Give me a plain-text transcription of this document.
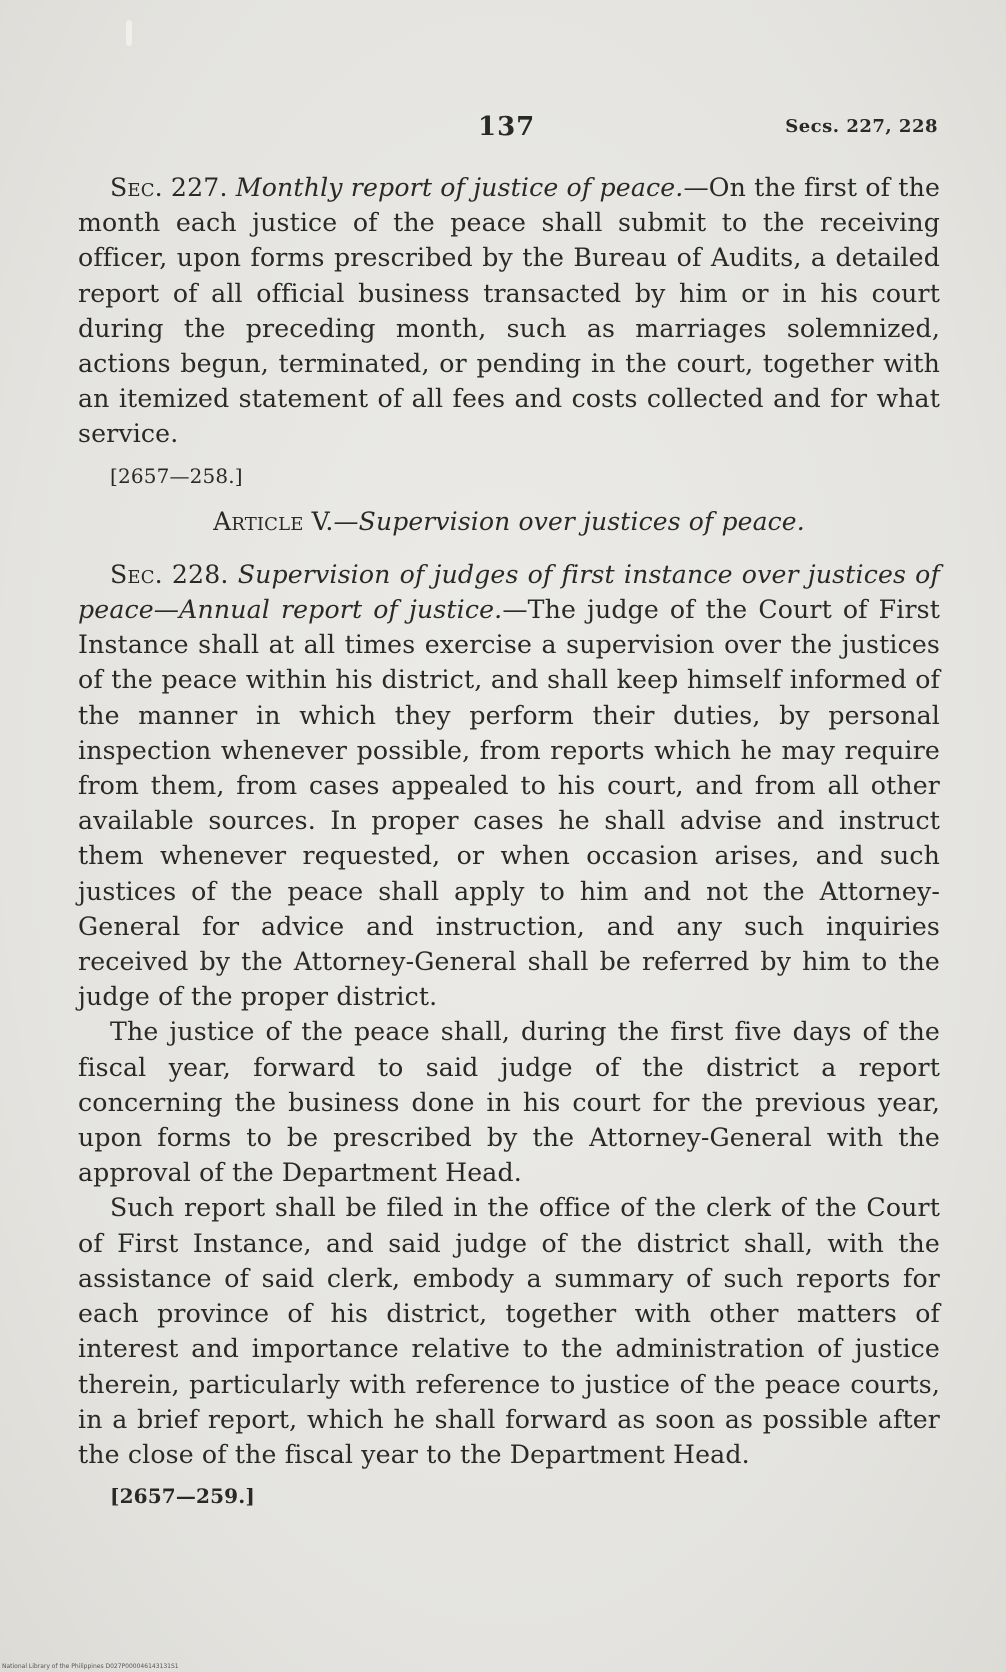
137	Secs. 227, 228

Sec. 227. Monthly report of justice of peace.—On the first of the month each justice of the peace shall submit to the receiving officer, upon forms prescribed by the Bureau of Audits, a detailed report of all official business transacted by him or in his court during the preceding month, such as marriages solemnized, actions begun, terminated, or pending in the court, together with an itemized statement of all fees and costs collected and for what service.

[2657—258.]
Article V.—Supervision over justices of peace.

Sec. 228. Supervision of judges of first instance over justices of peace—Annual report of justice.—The judge of the Court of First Instance shall at all times exercise a supervision over the justices of the peace within his district, and shall keep himself informed of the manner in which they perform their duties, by personal inspection whenever possible, from reports which he may require from them, from cases appealed to his court, and from all other available sources. In proper cases he shall advise and instruct them whenever requested, or when occasion arises, and such justices of the peace shall apply to him and not the Attorney-General for advice and instruction, and any such inquiries received by the Attorney-General shall be referred by him to the judge of the proper district.

The justice of the peace shall, during the first five days of the fiscal year, forward to said judge of the district a report concerning the business done in his court for the previous year, upon forms to be prescribed by the Attorney-General with the approval of the Department Head.

Such report shall be filed in the office of the clerk of the Court of First Instance, and said judge of the district shall, with the assistance of said clerk, embody a summary of such reports for each province of his district, together with other matters of interest and importance relative to the administration of justice therein, particularly with reference to justice of the peace courts, in a brief report, which he shall forward as soon as possible after the close of the fiscal year to the Department Head.

[2657—259.]
National Library of the Philippines D027P000046143131S1
